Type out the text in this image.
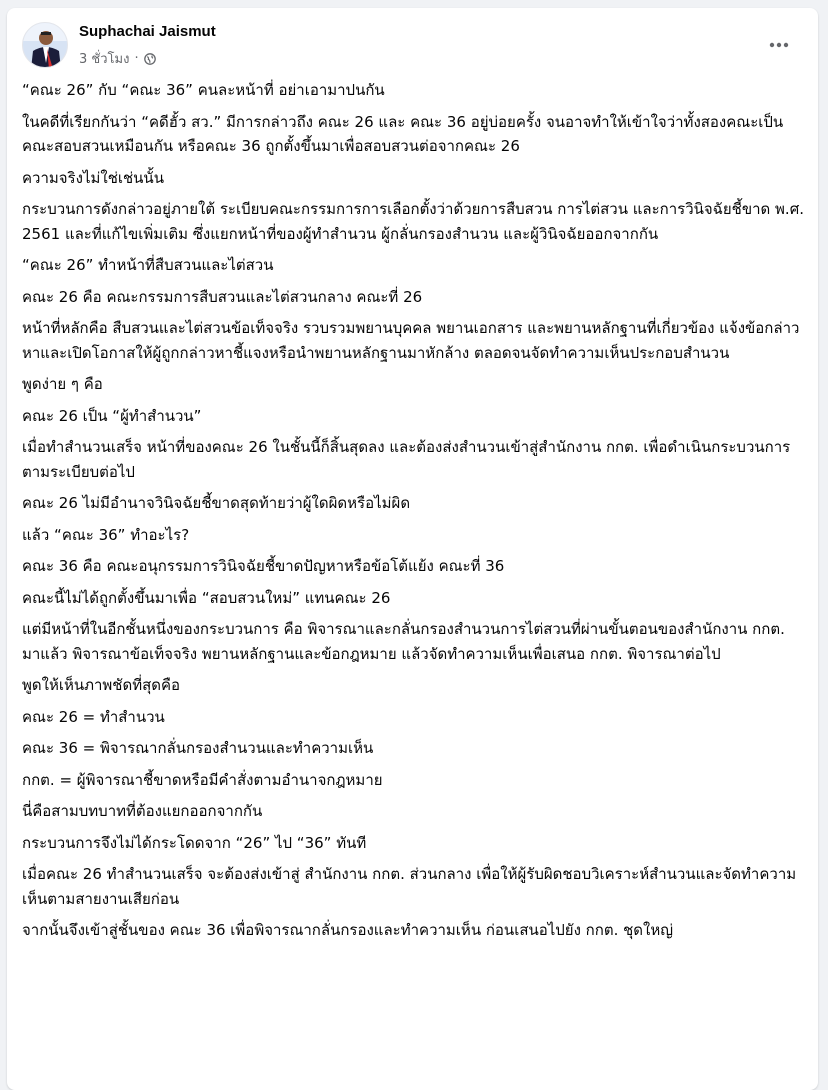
Suphachai Jaismut
3 ชั่วโมง ·

“คณะ 26” กับ “คณะ 36” คนละหน้าที่ อย่าเอามาปนกัน

ในคดีที่เรียกกันว่า “คดีฮั้ว สว.” มีการกล่าวถึง คณะ 26 และ คณะ 36 อยู่บ่อยครั้ง จนอาจทำให้เข้าใจว่าทั้งสองคณะเป็นคณะสอบสวนเหมือนกัน หรือคณะ 36 ถูกตั้งขึ้นมาเพื่อสอบสวนต่อจากคณะ 26

ความจริงไม่ใช่เช่นนั้น

กระบวนการดังกล่าวอยู่ภายใต้ ระเบียบคณะกรรมการการเลือกตั้งว่าด้วยการสืบสวน การไต่สวน และการวินิจฉัยชี้ขาด พ.ศ. 2561 และที่แก้ไขเพิ่มเติม ซึ่งแยกหน้าที่ของผู้ทำสำนวน ผู้กลั่นกรองสำนวน และผู้วินิจฉัยออกจากกัน

“คณะ 26” ทำหน้าที่สืบสวนและไต่สวน

คณะ 26 คือ คณะกรรมการสืบสวนและไต่สวนกลาง คณะที่ 26

หน้าที่หลักคือ สืบสวนและไต่สวนข้อเท็จจริง รวบรวมพยานบุคคล พยานเอกสาร และพยานหลักฐานที่เกี่ยวข้อง แจ้งข้อกล่าวหาและเปิดโอกาสให้ผู้ถูกกล่าวหาชี้แจงหรือนำพยานหลักฐานมาหักล้าง ตลอดจนจัดทำความเห็นประกอบสำนวน

พูดง่าย ๆ คือ

คณะ 26 เป็น “ผู้ทำสำนวน”

เมื่อทำสำนวนเสร็จ หน้าที่ของคณะ 26 ในชั้นนี้ก็สิ้นสุดลง และต้องส่งสำนวนเข้าสู่สำนักงาน กกต. เพื่อดำเนินกระบวนการตามระเบียบต่อไป

คณะ 26 ไม่มีอำนาจวินิจฉัยชี้ขาดสุดท้ายว่าผู้ใดผิดหรือไม่ผิด

แล้ว “คณะ 36” ทำอะไร?

คณะ 36 คือ คณะอนุกรรมการวินิจฉัยชี้ขาดปัญหาหรือข้อโต้แย้ง คณะที่ 36

คณะนี้ไม่ได้ถูกตั้งขึ้นมาเพื่อ “สอบสวนใหม่” แทนคณะ 26

แต่มีหน้าที่ในอีกชั้นหนึ่งของกระบวนการ คือ พิจารณาและกลั่นกรองสำนวนการไต่สวนที่ผ่านขั้นตอนของสำนักงาน กกต. มาแล้ว พิจารณาข้อเท็จจริง พยานหลักฐานและข้อกฎหมาย แล้วจัดทำความเห็นเพื่อเสนอ กกต. พิจารณาต่อไป

พูดให้เห็นภาพชัดที่สุดคือ

คณะ 26 = ทำสำนวน

คณะ 36 = พิจารณากลั่นกรองสำนวนและทำความเห็น

กกต. = ผู้พิจารณาชี้ขาดหรือมีคำสั่งตามอำนาจกฎหมาย

นี่คือสามบทบาทที่ต้องแยกออกจากกัน

กระบวนการจึงไม่ได้กระโดดจาก “26” ไป “36” ทันที

เมื่อคณะ 26 ทำสำนวนเสร็จ จะต้องส่งเข้าสู่ สำนักงาน กกต. ส่วนกลาง เพื่อให้ผู้รับผิดชอบวิเคราะห์สำนวนและจัดทำความเห็นตามสายงานเสียก่อน

จากนั้นจึงเข้าสู่ชั้นของ คณะ 36 เพื่อพิจารณากลั่นกรองและทำความเห็น ก่อนเสนอไปยัง กกต. ชุดใหญ่
